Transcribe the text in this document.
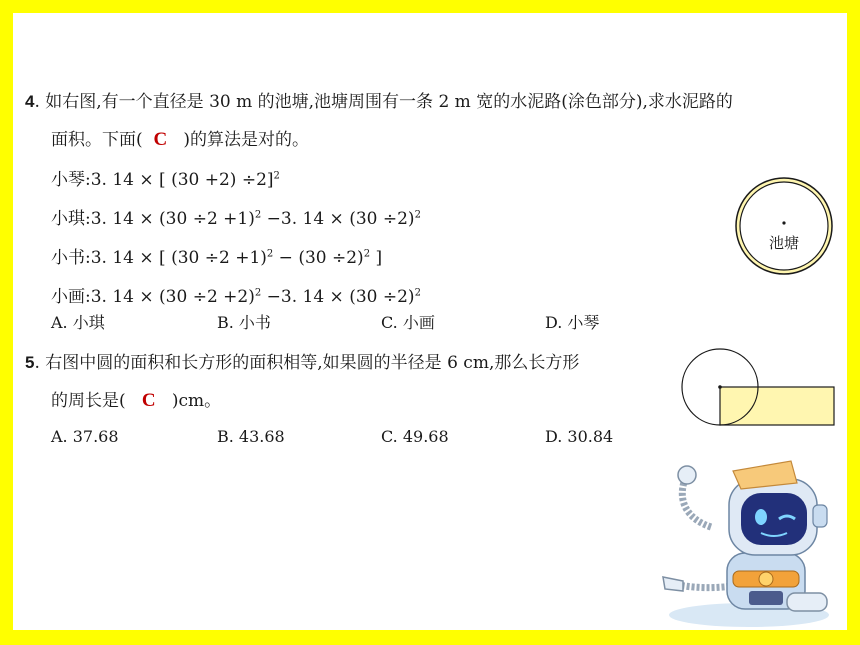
4. 如右图,有一个直径是 30 m 的池塘,池塘周围有一条 2 m 宽的水泥路(涂色部分),求水泥路的
面积。下面( C )的算法是对的。
小琴:3. 14 × [ (30 +2) ÷2]$^2$
小琪:3. $14 \times (30 \div 2 +1)^2 -3$. $14 \times (30 \div 2)^2$
小书:3. 14 × [ $(30 \div 2 +1)^2 - (30 \div 2)^2$ ]
小画:3. $14 \times (30 \div 2 +2)^2 -3$. $14 \times (30 \div 2)^2$
A. 小琪	B. 小书	C. 小画	D. 小琴
池塘
5. 右图中圆的面积和长方形的面积相等,如果圆的半径是 6 cm,那么长方形
的周长是( C )cm。
A. 37.68	B. 43.68	C. 49.68	D. 30.84
